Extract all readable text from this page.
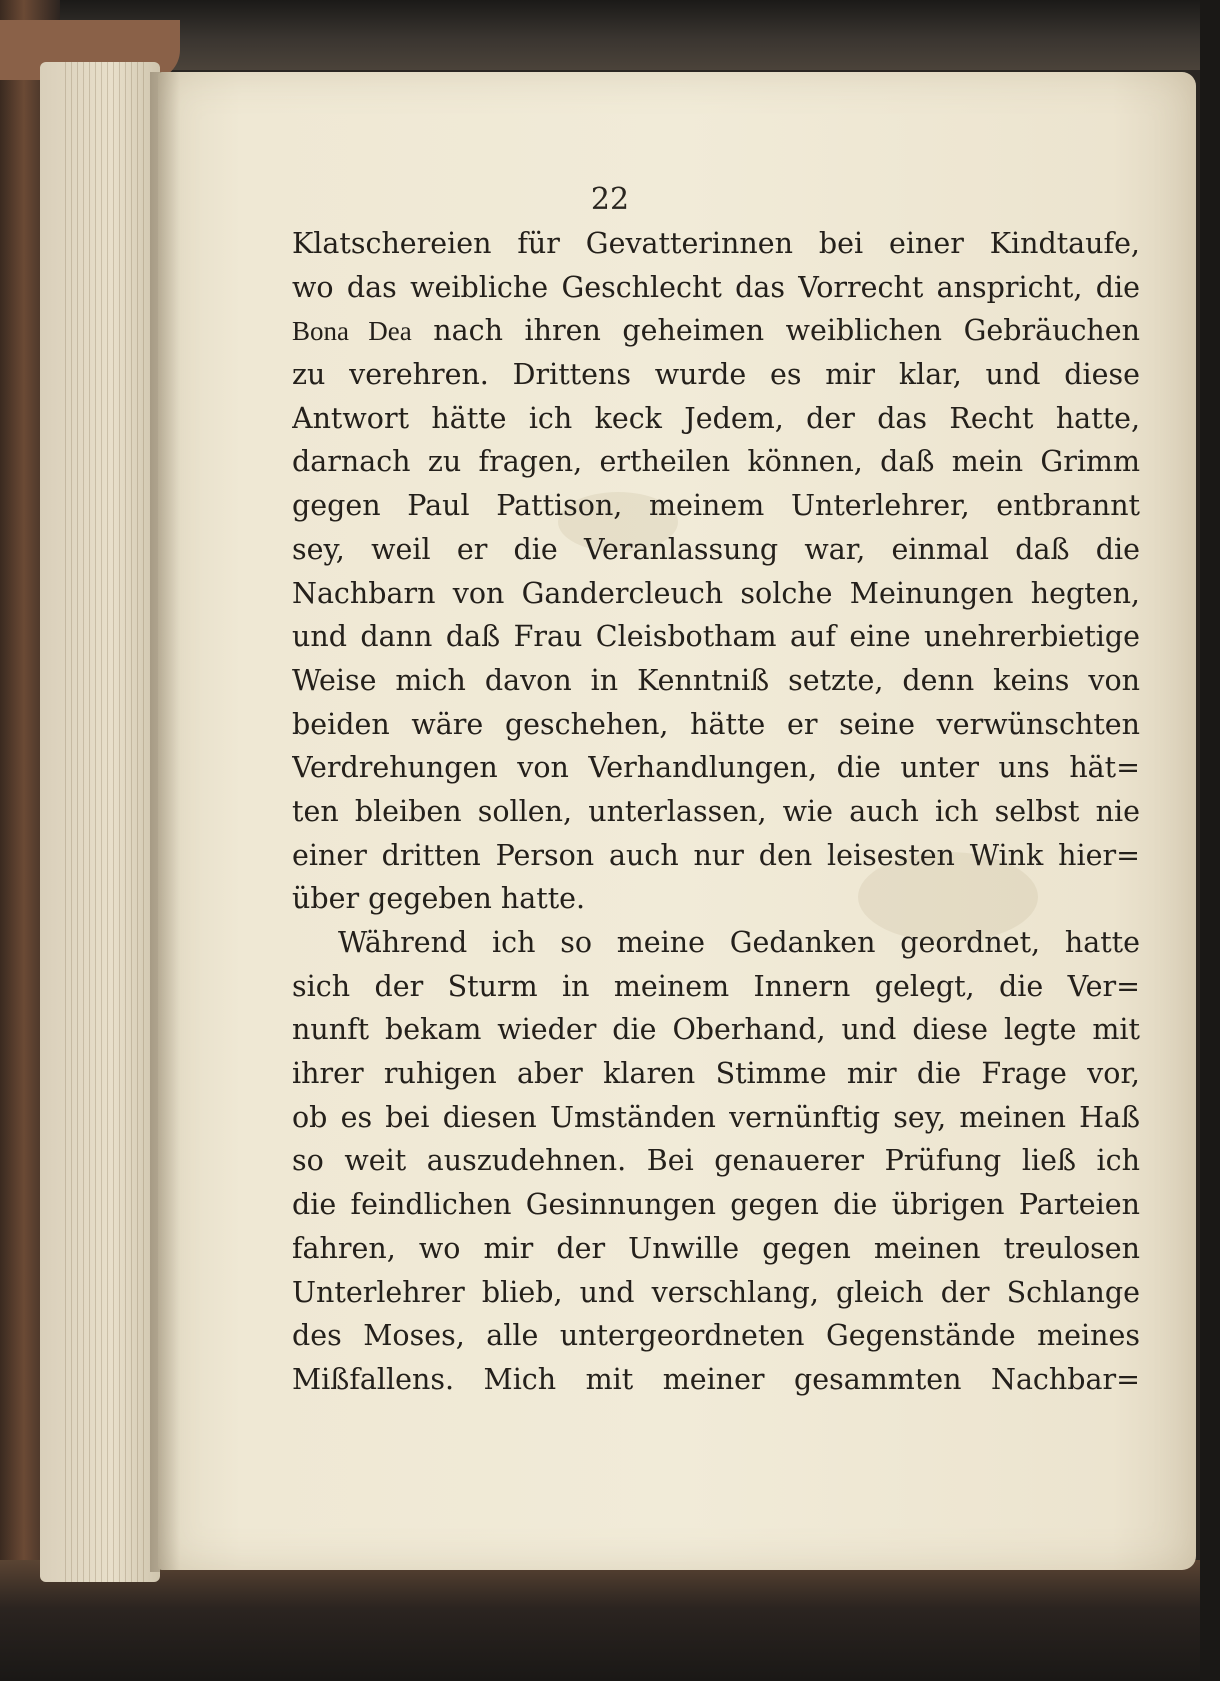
22
Klatschereien für Gevatterinnen bei einer Kindtaufe,
wo das weibliche Geschlecht das Vorrecht anspricht, die
Bona Dea nach ihren geheimen weiblichen Gebräuchen
zu verehren. Drittens wurde es mir klar, und diese
Antwort hätte ich keck Jedem, der das Recht hatte,
darnach zu fragen, ertheilen können, daß mein Grimm
gegen Paul Pattison, meinem Unterlehrer, entbrannt
sey, weil er die Veranlassung war, einmal daß die
Nachbarn von Gandercleuch solche Meinungen hegten,
und dann daß Frau Cleisbotham auf eine unehrerbietige
Weise mich davon in Kenntniß setzte, denn keins von
beiden wäre geschehen, hätte er seine verwünschten
Verdrehungen von Verhandlungen, die unter uns hät=
ten bleiben sollen, unterlassen, wie auch ich selbst nie
einer dritten Person auch nur den leisesten Wink hier=
über gegeben hatte.
Während ich so meine Gedanken geordnet, hatte
sich der Sturm in meinem Innern gelegt, die Ver=
nunft bekam wieder die Oberhand, und diese legte mit
ihrer ruhigen aber klaren Stimme mir die Frage vor,
ob es bei diesen Umständen vernünftig sey, meinen Haß
so weit auszudehnen. Bei genauerer Prüfung ließ ich
die feindlichen Gesinnungen gegen die übrigen Parteien
fahren, wo mir der Unwille gegen meinen treulosen
Unterlehrer blieb, und verschlang, gleich der Schlange
des Moses, alle untergeordneten Gegenstände meines
Mißfallens. Mich mit meiner gesammten Nachbar=
